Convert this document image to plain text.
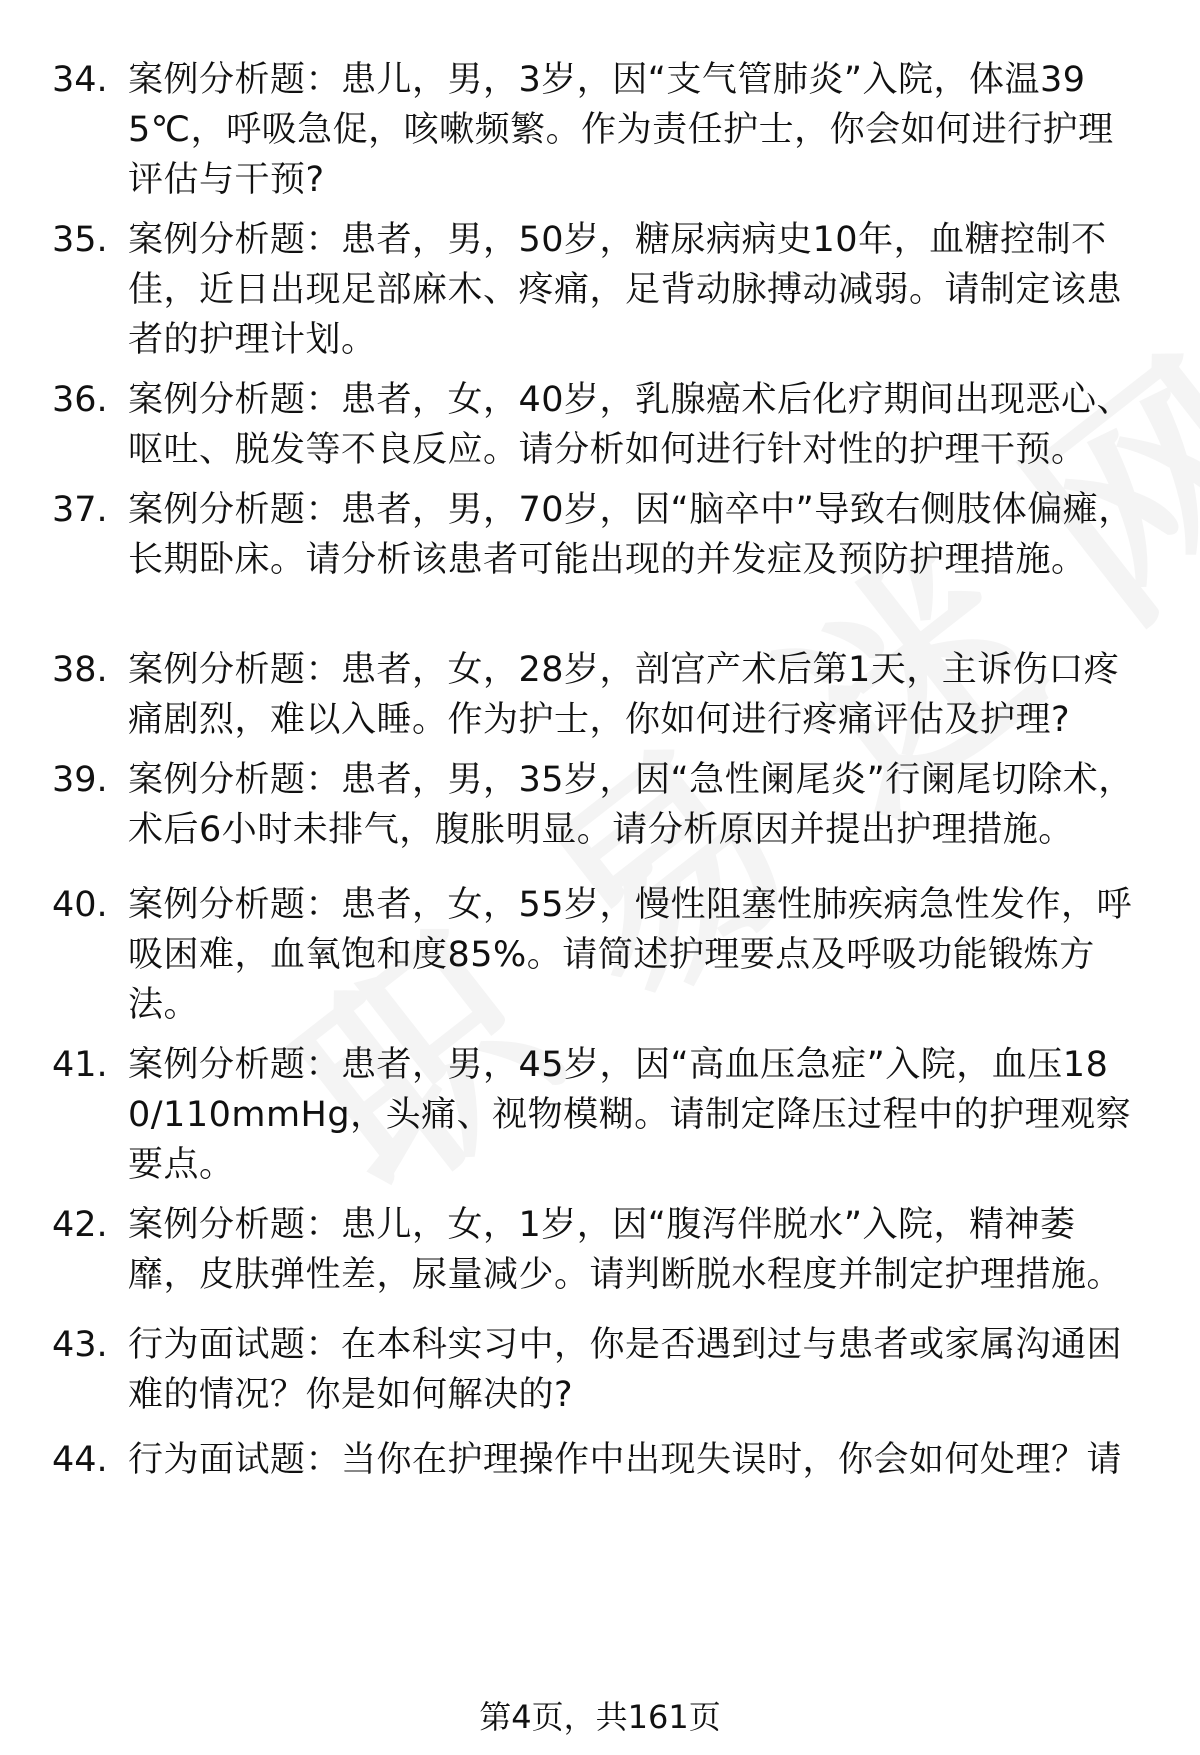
34. 案例分析题：患儿，男，3岁，因“支气管肺炎”入院，体温395℃，呼吸急促，咳嗽频繁。作为责任护士，你会如何进行护理评估与干预?
35. 案例分析题：患者，男，50岁，糖尿病病史10年，血糖控制不佳，近日出现足部麻木、疼痛，足背动脉搏动减弱。请制定该患者的护理计划。
36. 案例分析题：患者，女，40岁，乳腺癌术后化疗期间出现恶心、呕吐、脱发等不良反应。请分析如何进行针对性的护理干预。
37. 案例分析题：患者，男，70岁，因“脑卒中”导致右侧肢体偏瘫，长期卧床。请分析该患者可能出现的并发症及预防护理措施。
38. 案例分析题：患者，女，28岁，剖宫产术后第1天，主诉伤口疼痛剧烈，难以入睡。作为护士，你如何进行疼痛评估及护理?
39. 案例分析题：患者，男，35岁，因“急性阑尾炎”行阑尾切除术，术后6小时未排气，腹胀明显。请分析原因并提出护理措施。
40. 案例分析题：患者，女，55岁，慢性阻塞性肺疾病急性发作，呼吸困难，血氧饱和度85%。请简述护理要点及呼吸功能锻炼方法。
41. 案例分析题：患者，男，45岁，因“高血压急症”入院，血压180/110mmHg，头痛、视物模糊。请制定降压过程中的护理观察要点。
42. 案例分析题：患儿，女，1岁，因“腹泻伴脱水”入院，精神萎靡，皮肤弹性差，尿量减少。请判断脱水程度并制定护理措施。
43. 行为面试题：在本科实习中，你是否遇到过与患者或家属沟通困难的情况？你是如何解决的?
44. 行为面试题：当你在护理操作中出现失误时，你会如何处理？请
第4页，共161页
